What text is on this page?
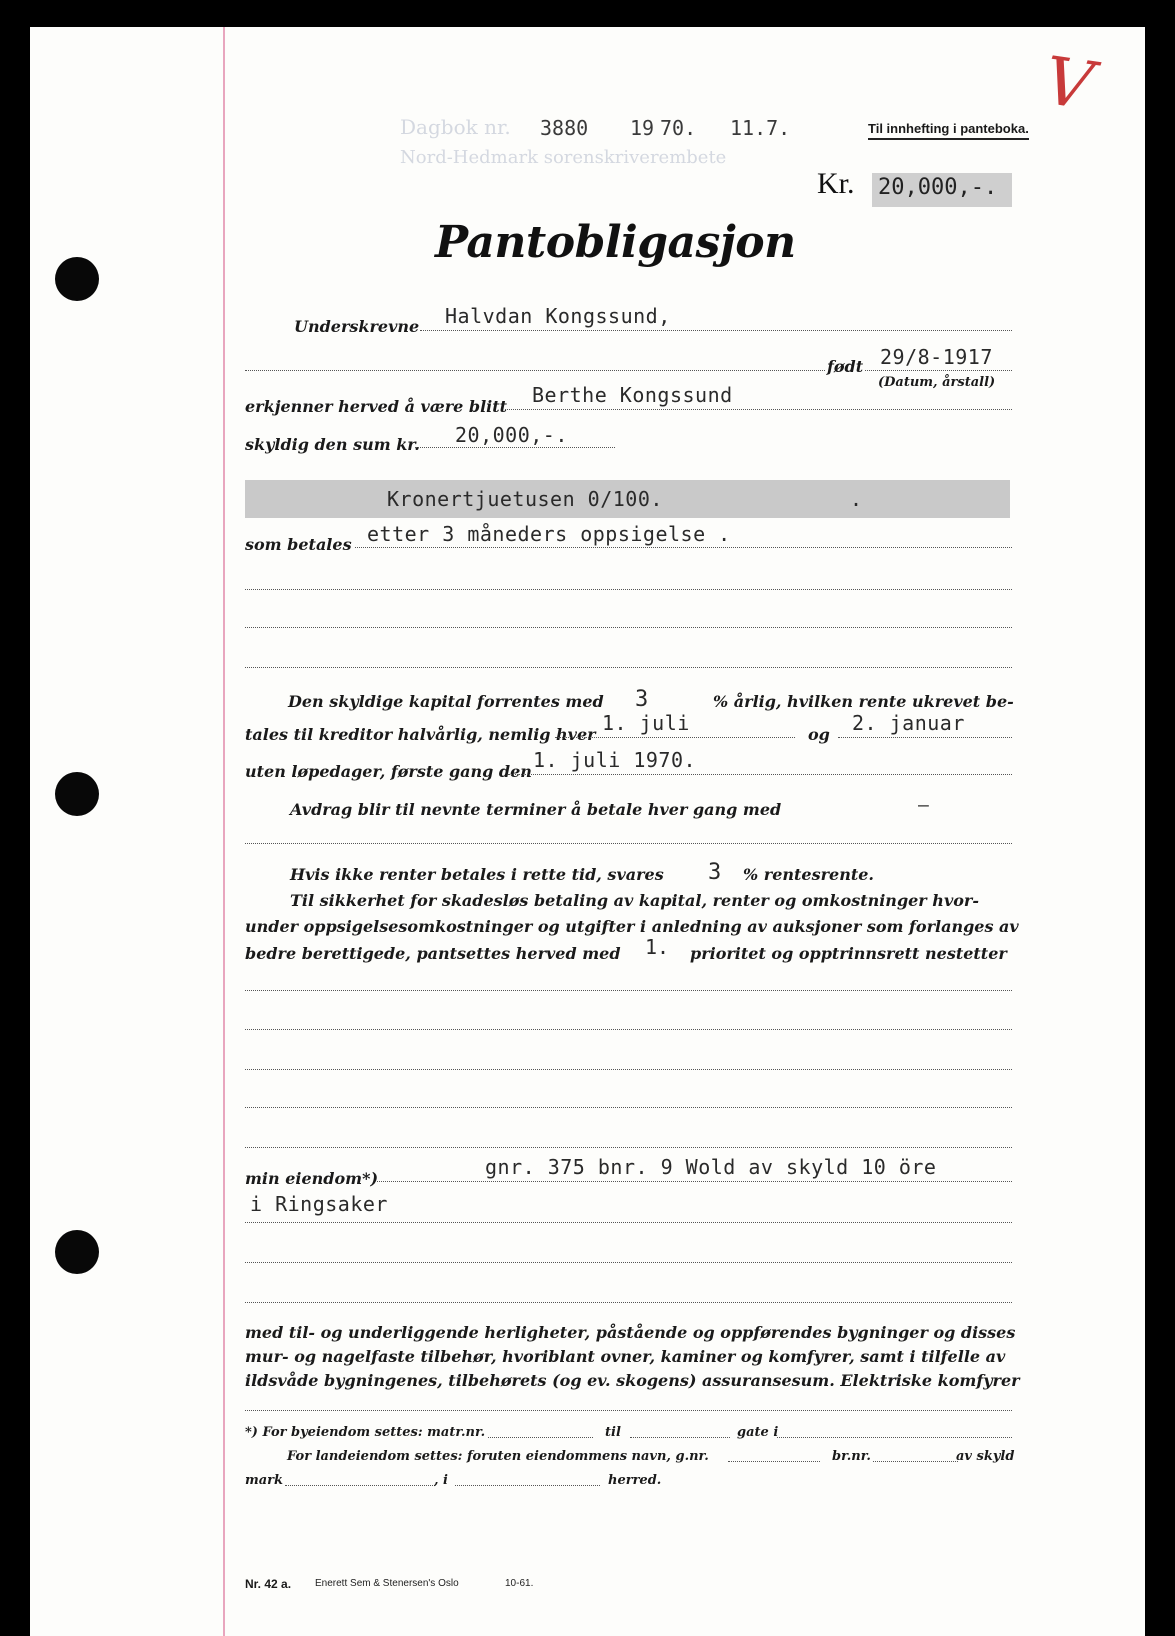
V
Dagbok nr. 3880 19 70. 11.7.
Nord-Hedmark sorenskriverembete
Til innhefting i panteboka.
Kr. 20,000,-.
Pantobligasjon
Underskrevne Halvdan Kongssund,
født 29/8-1917
(Datum, årstall)
erkjenner herved å være blitt Berthe Kongssund
skyldig den sum kr. 20,000,-.
Kronertjuetusen 0/100.	.
som betales etter 3 måneders oppsigelse .
Den skyldige kapital forrentes med 3	% årlig, hvilken rente ukrevet be-
tales til kreditor halvårlig, nemlig hver 1. juli	og 2. januar
uten løpedager, første gang den 1. juli 1970.
Avdrag blir til nevnte terminer å betale hver gang med	—
Hvis ikke renter betales i rette tid, svares 3 % rentesrente.
Til sikkerhet for skadesløs betaling av kapital, renter og omkostninger hvor-
under oppsigelsesomkostninger og utgifter i anledning av auksjoner som forlanges av
bedre berettigede, pantsettes herved med 1. prioritet og opptrinnsrett nestetter
min eiendom*)	gnr. 375 bnr. 9 Wold av skyld 10 öre
i Ringsaker
med til- og underliggende herligheter, påstående og oppførendes bygninger og disses
mur- og nagelfaste tilbehør, hvoriblant ovner, kaminer og komfyrer, samt i tilfelle av
ildsvåde bygningenes, tilbehørets (og ev. skogens) assuransesum. Elektriske komfyrer
*) For byeiendom settes: matr.nr.	til	gate i
For landeiendom settes: foruten eiendommens navn, g.nr.	br.nr.	av skyld
mark	, i	herred.
Nr. 42 a. Enerett Sem & Stenersen's Oslo	10-61.
